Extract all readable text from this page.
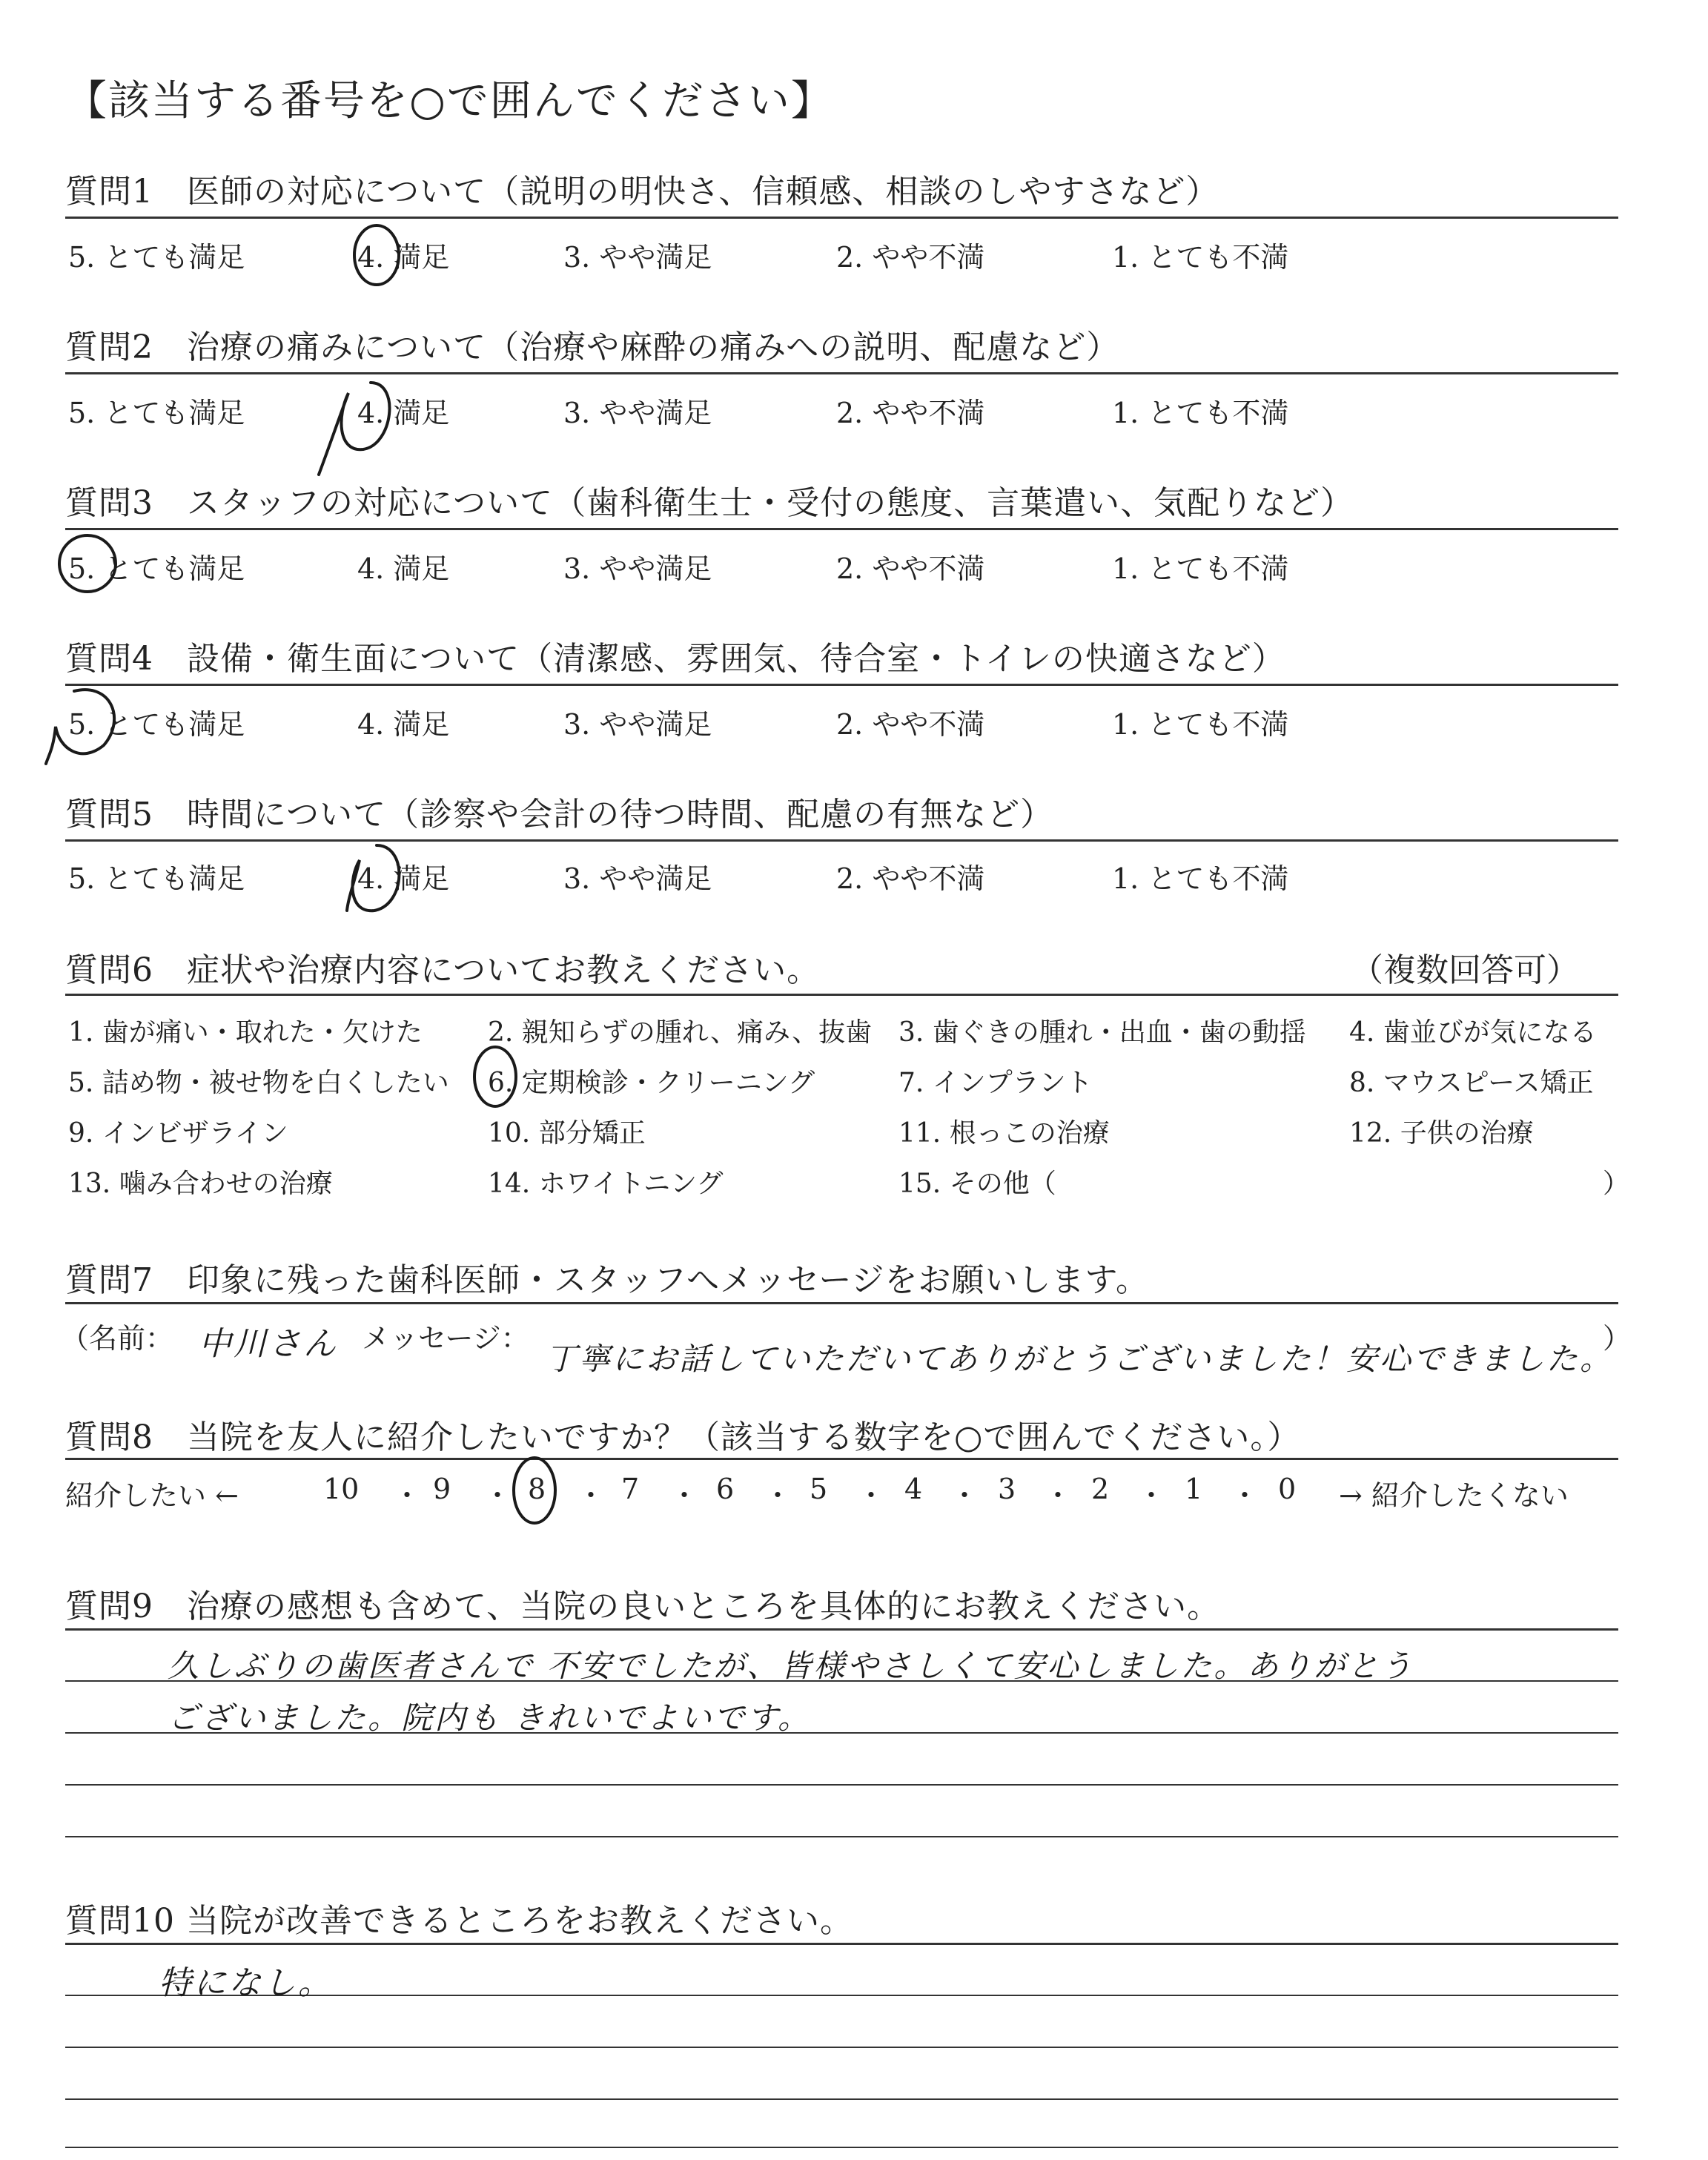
【該当する番号を○で囲んでください】
質問1　医師の対応について（説明の明快さ、信頼感、相談のしやすさなど）
5. とても満足	4. 満足	3. やや満足	2. やや不満	1. とても不満
質問2　治療の痛みについて（治療や麻酔の痛みへの説明、配慮など）
5. とても満足	4. 満足	3. やや満足	2. やや不満	1. とても不満
質問3　スタッフの対応について（歯科衛生士・受付の態度、言葉遣い、気配りなど）
5. とても満足	4. 満足	3. やや満足	2. やや不満	1. とても不満
質問4　設備・衛生面について（清潔感、雰囲気、待合室・トイレの快適さなど）
5. とても満足	4. 満足	3. やや満足	2. やや不満	1. とても不満
質問5　時間について（診察や会計の待つ時間、配慮の有無など）
5. とても満足	4. 満足	3. やや満足	2. やや不満	1. とても不満
質問6　症状や治療内容についてお教えください。	（複数回答可）
1. 歯が痛い・取れた・欠けた 2. 親知らずの腫れ、痛み、抜歯 3. 歯ぐきの腫れ・出血・歯の動揺 4. 歯並びが気になる
5. 詰め物・被せ物を白くしたい 6. 定期検診・クリーニング	7. インプラント	8. マウスピース矯正
9. インビザライン	10. 部分矯正	11. 根っこの治療	12. 子供の治療
13. 噛み合わせの治療	14. ホワイトニング	15. その他（	）
質問7　印象に残った歯科医師・スタッフへメッセージをお願いします。
（名前： 中川さん メッセージ：
丁寧にお話していただいてありがとうございました！安心できました。
）
質問8　当院を友人に紹介したいですか？（該当する数字を○で囲んでください。）
紹介したい ←	10 ・ 9 ・ 8 ・ 7 ・ 6 ・ 5 ・ 4 ・ 3 ・ 2 ・ 1 ・ 0 → 紹介したくない
質問9　治療の感想も含めて、当院の良いところを具体的にお教えください。
久しぶりの歯医者さんで 不安でしたが、皆様やさしくて安心しました。ありがとう
ございました。院内も きれいでよいです。
質問10 当院が改善できるところをお教えください。
特になし。
